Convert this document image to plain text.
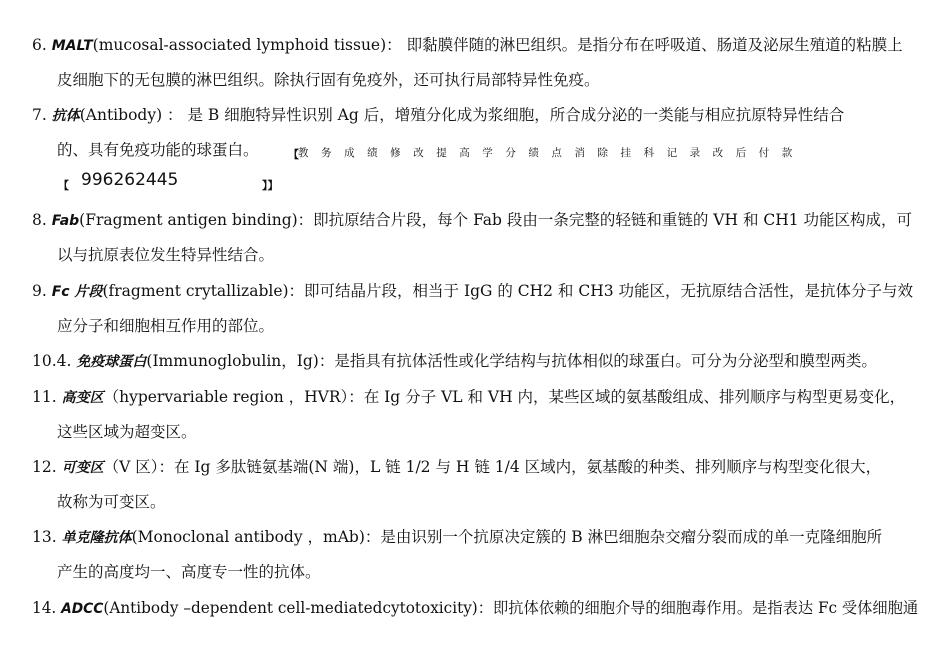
6. MALT(mucosal-associated lymphoid tissue)： 即黏膜伴随的淋巴组织。是指分布在呼吸道、肠道及泌尿生殖道的粘膜上
皮细胞下的无包膜的淋巴组织。除执行固有免疫外，还可执行局部特异性免疫。
7. 抗体(Antibody) ： 是 B 细胞特异性识别 Ag 后，增殖分化成为浆细胞，所合成分泌的一类能与相应抗原特异性结合
的、具有免疫功能的球蛋白。	【 教 务 成 绩 修 改 提 高 学 分 绩 点 消 除 挂 科 记 录 改 后 付 款
【 996262445	】】
8. Fab(Fragment antigen binding)：即抗原结合片段，每个 Fab 段由一条完整的轻链和重链的 VH 和 CH1 功能区构成，可
以与抗原表位发生特异性结合。
9. Fc 片段(fragment crytallizable)：即可结晶片段，相当于 IgG 的 CH2 和 CH3 功能区，无抗原结合活性，是抗体分子与效
应分子和细胞相互作用的部位。
10.4. 免疫球蛋白(Immunoglobulin，Ig)：是指具有抗体活性或化学结构与抗体相似的球蛋白。可分为分泌型和膜型两类。
11. 高变区（hypervariable region ，HVR）：在 Ig 分子 VL 和 VH 内，某些区域的氨基酸组成、排列顺序与构型更易变化，
这些区域为超变区。
12. 可变区（V 区）：在 Ig 多肽链氨基端(N 端)，L 链 1/2 与 H 链 1/4 区域内，氨基酸的种类、排列顺序与构型变化很大，
故称为可变区。
13. 单克隆抗体(Monoclonal antibody ，mAb)：是由识别一个抗原决定簇的 B 淋巴细胞杂交瘤分裂而成的单一克隆细胞所
产生的高度均一、高度专一性的抗体。
14. ADCC(Antibody –dependent cell-mediatedcytotoxicity)：即抗体依赖的细胞介导的细胞毒作用。是指表达 Fc 受体细胞通
